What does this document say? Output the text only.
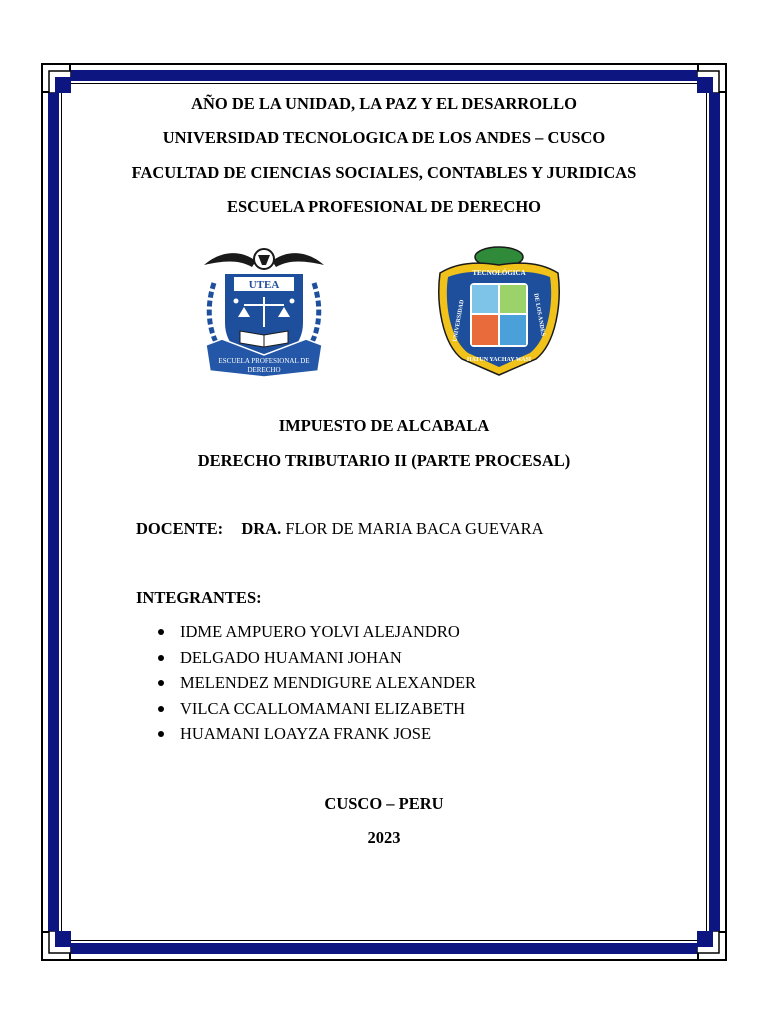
AÑO DE LA UNIDAD, LA PAZ Y EL DESARROLLO
UNIVERSIDAD TECNOLOGICA DE LOS ANDES – CUSCO
FACULTAD DE CIENCIAS SOCIALES, CONTABLES Y JURIDICAS
ESCUELA PROFESIONAL DE DERECHO
UTEA
ESCUELA PROFESIONAL DE
DERECHO
TECNOLÓGICA
UNIVERSIDAD	DE LOS ANDES
HATUN YACHAY WASI
IMPUESTO DE ALCABALA
DERECHO TRIBUTARIO II (PARTE PROCESAL)
DOCENTE: DRA. FLOR DE MARIA BACA GUEVARA
INTEGRANTES:
IDME AMPUERO YOLVI ALEJANDRO
DELGADO HUAMANI JOHAN
MELENDEZ MENDIGURE ALEXANDER
VILCA CCALLOMAMANI ELIZABETH
HUAMANI LOAYZA FRANK JOSE
CUSCO – PERU
2023
